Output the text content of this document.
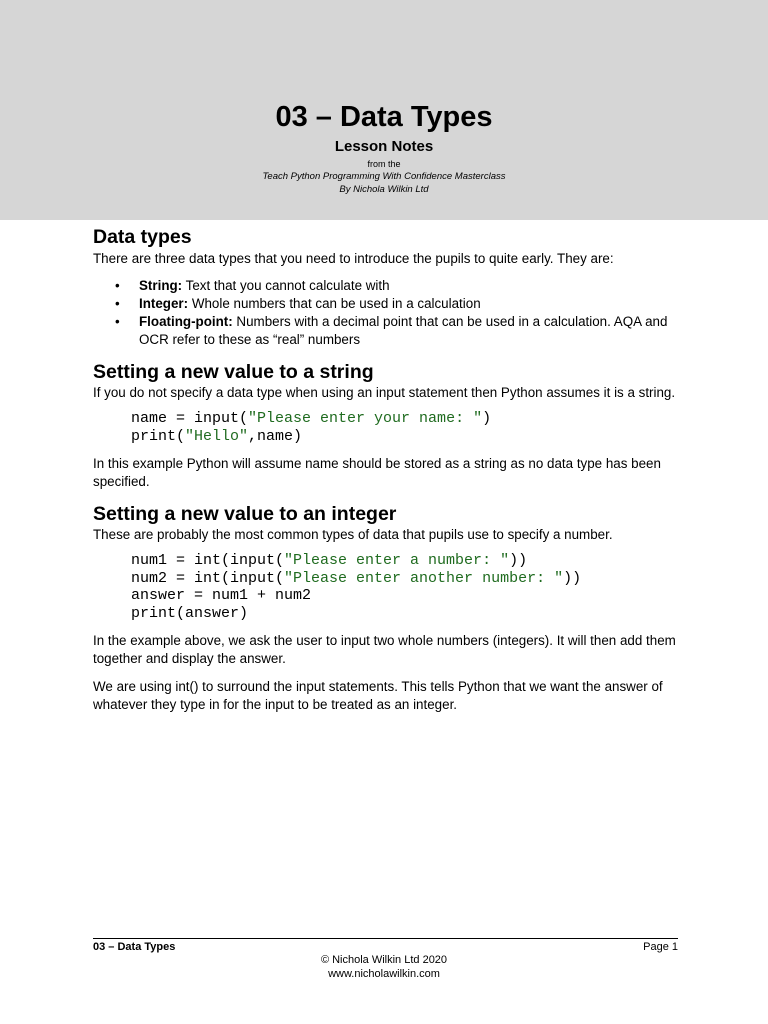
03 – Data Types
Lesson Notes
from the
Teach Python Programming With Confidence Masterclass
By Nichola Wilkin Ltd
Data types

There are three data types that you need to introduce the pupils to quite early. They are:

• String: Text that you cannot calculate with
• Integer: Whole numbers that can be used in a calculation
• Floating-point: Numbers with a decimal point that can be used in a calculation. AQA and OCR refer to these as “real” numbers
Setting a new value to a string

If you do not specify a data type when using an input statement then Python assumes it is a string.

name = input("Please enter your name: ")
print("Hello",name)

In this example Python will assume name should be stored as a string as no data type has been specified.

Setting a new value to an integer

These are probably the most common types of data that pupils use to specify a number.

num1 = int(input("Please enter a number: "))
num2 = int(input("Please enter another number: "))
answer = num1 + num2
print(answer)

In the example above, we ask the user to input two whole numbers (integers). It will then add them together and display the answer.

We are using int() to surround the input statements. This tells Python that we want the answer of whatever they type in for the input to be treated as an integer.

03 – Data Types	Page 1
© Nichola Wilkin Ltd 2020
www.nicholawilkin.com
